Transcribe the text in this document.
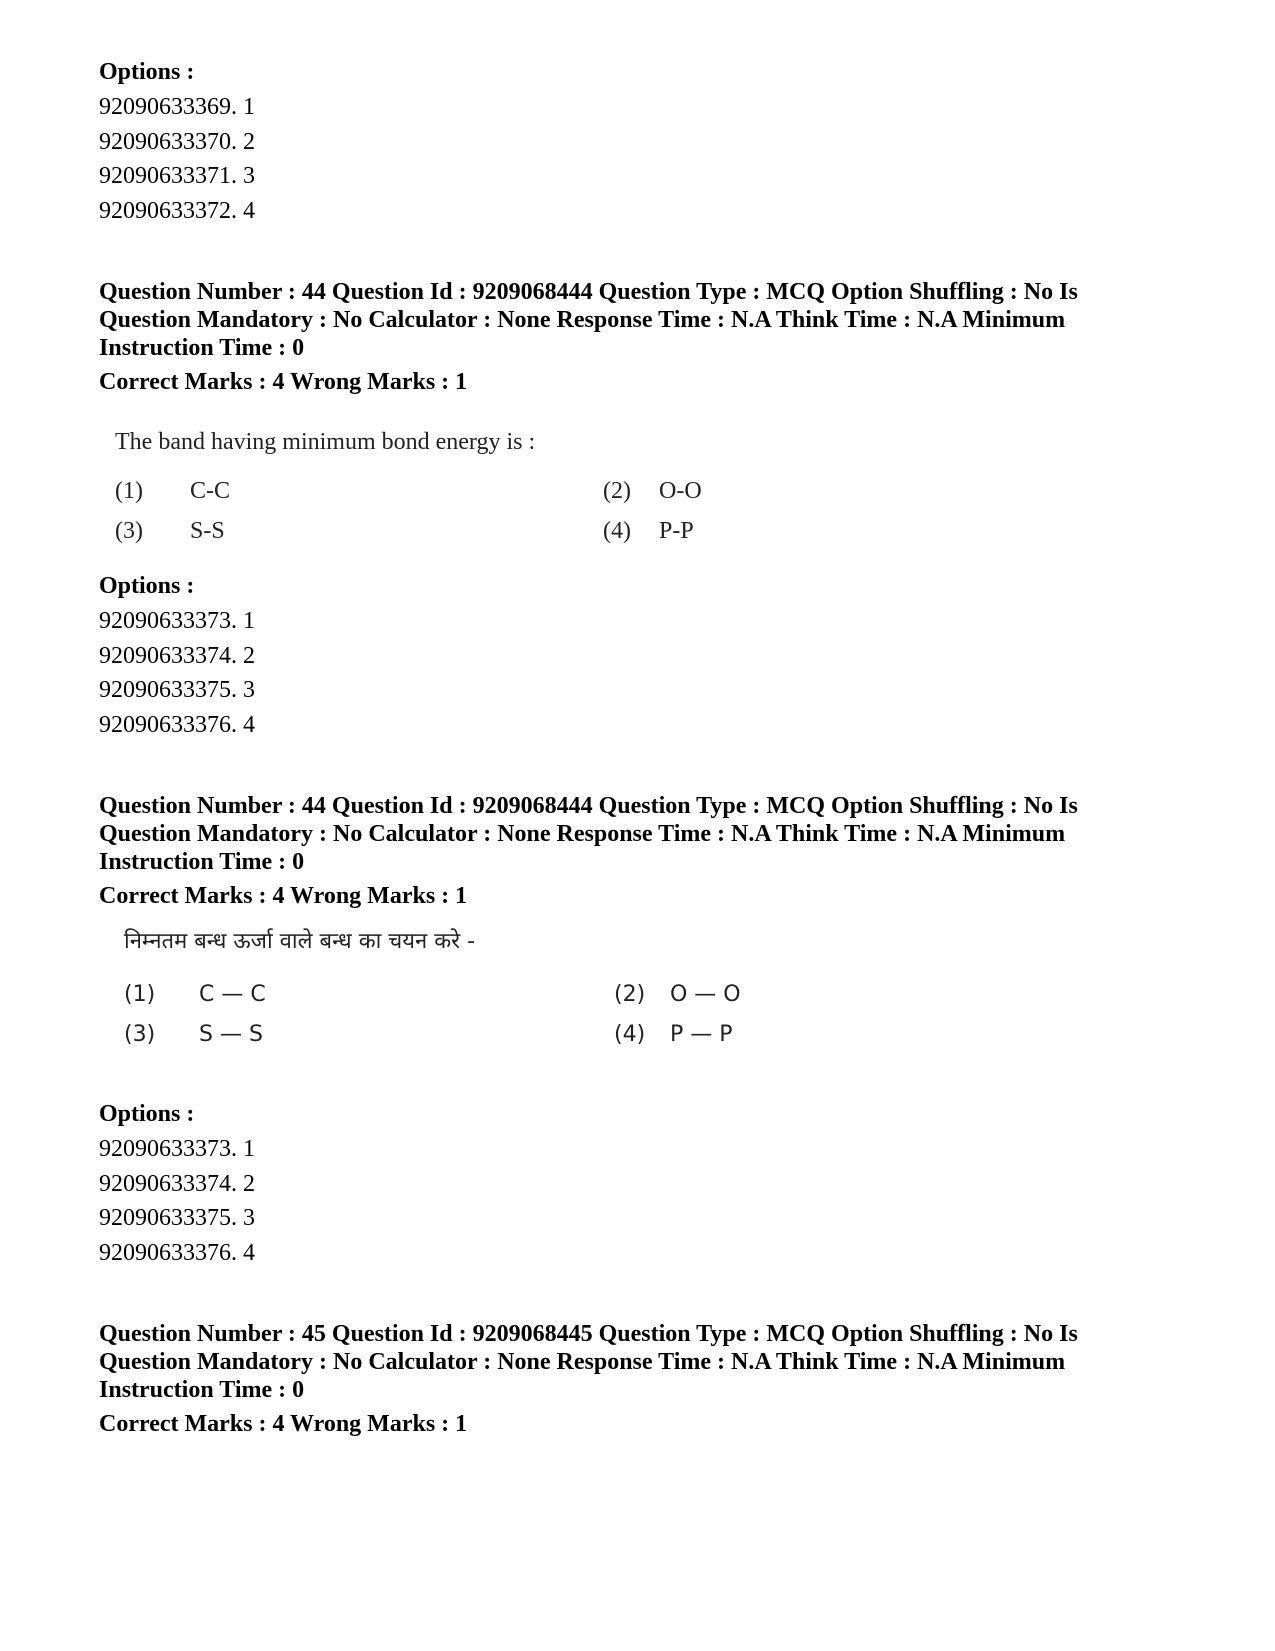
Options :
92090633369. 1
92090633370. 2
92090633371. 3
92090633372. 4
Question Number : 44 Question Id : 9209068444 Question Type : MCQ Option Shuffling : No Is Question Mandatory : No Calculator : None Response Time : N.A Think Time : N.A Minimum Instruction Time : 0
Correct Marks : 4 Wrong Marks : 1
The band having minimum bond energy is :
(1)	C-C	(2)	O-O
(3)	S-S	(4)	P-P
Options :
92090633373. 1
92090633374. 2
92090633375. 3
92090633376. 4
Question Number : 44 Question Id : 9209068444 Question Type : MCQ Option Shuffling : No Is Question Mandatory : No Calculator : None Response Time : N.A Think Time : N.A Minimum Instruction Time : 0
Correct Marks : 4 Wrong Marks : 1
निम्नतम बन्ध ऊर्जा वाले बन्ध का चयन करे -
(1)	C — C	(2)	O — O
(3)	S — S	(4)	P — P
Options :
92090633373. 1
92090633374. 2
92090633375. 3
92090633376. 4
Question Number : 45 Question Id : 9209068445 Question Type : MCQ Option Shuffling : No Is Question Mandatory : No Calculator : None Response Time : N.A Think Time : N.A Minimum Instruction Time : 0
Correct Marks : 4 Wrong Marks : 1
